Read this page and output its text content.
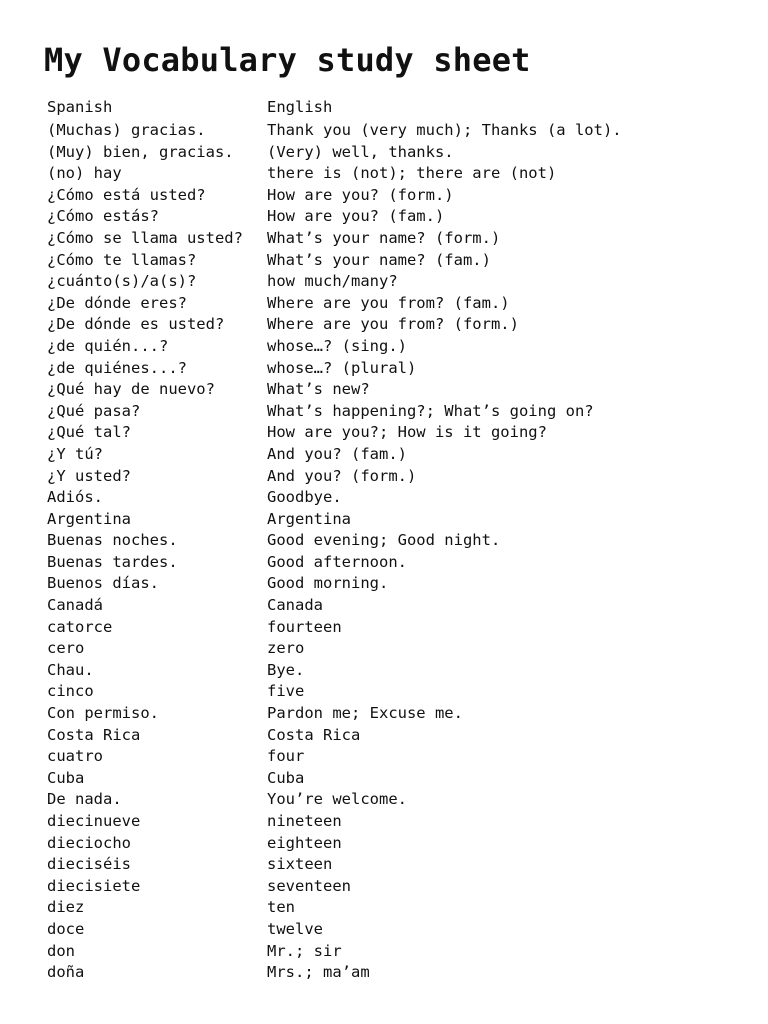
My Vocabulary study sheet
Spanish	English
(Muchas) gracias.	Thank you (very much); Thanks (a lot).
(Muy) bien, gracias.	(Very) well, thanks.
(no) hay	there is (not); there are (not)
¿Cómo está usted?	How are you? (form.)
¿Cómo estás?	How are you? (fam.)
¿Cómo se llama usted?	What’s your name? (form.)
¿Cómo te llamas?	What’s your name? (fam.)
¿cuánto(s)/a(s)?	how much/many?
¿De dónde eres?	Where are you from? (fam.)
¿De dónde es usted?	Where are you from? (form.)
¿de quién...?	whose…? (sing.)
¿de quiénes...?	whose…? (plural)
¿Qué hay de nuevo?	What’s new?
¿Qué pasa?	What’s happening?; What’s going on?
¿Qué tal?	How are you?; How is it going?
¿Y tú?	And you? (fam.)
¿Y usted?	And you? (form.)
Adiós.	Goodbye.
Argentina	Argentina
Buenas noches.	Good evening; Good night.
Buenas tardes.	Good afternoon.
Buenos días.	Good morning.
Canadá	Canada
catorce	fourteen
cero	zero
Chau.	Bye.
cinco	five
Con permiso.	Pardon me; Excuse me.
Costa Rica	Costa Rica
cuatro	four
Cuba	Cuba
De nada.	You’re welcome.
diecinueve	nineteen
dieciocho	eighteen
dieciséis	sixteen
diecisiete	seventeen
diez	ten
doce	twelve
don	Mr.; sir
doña	Mrs.; ma’am
